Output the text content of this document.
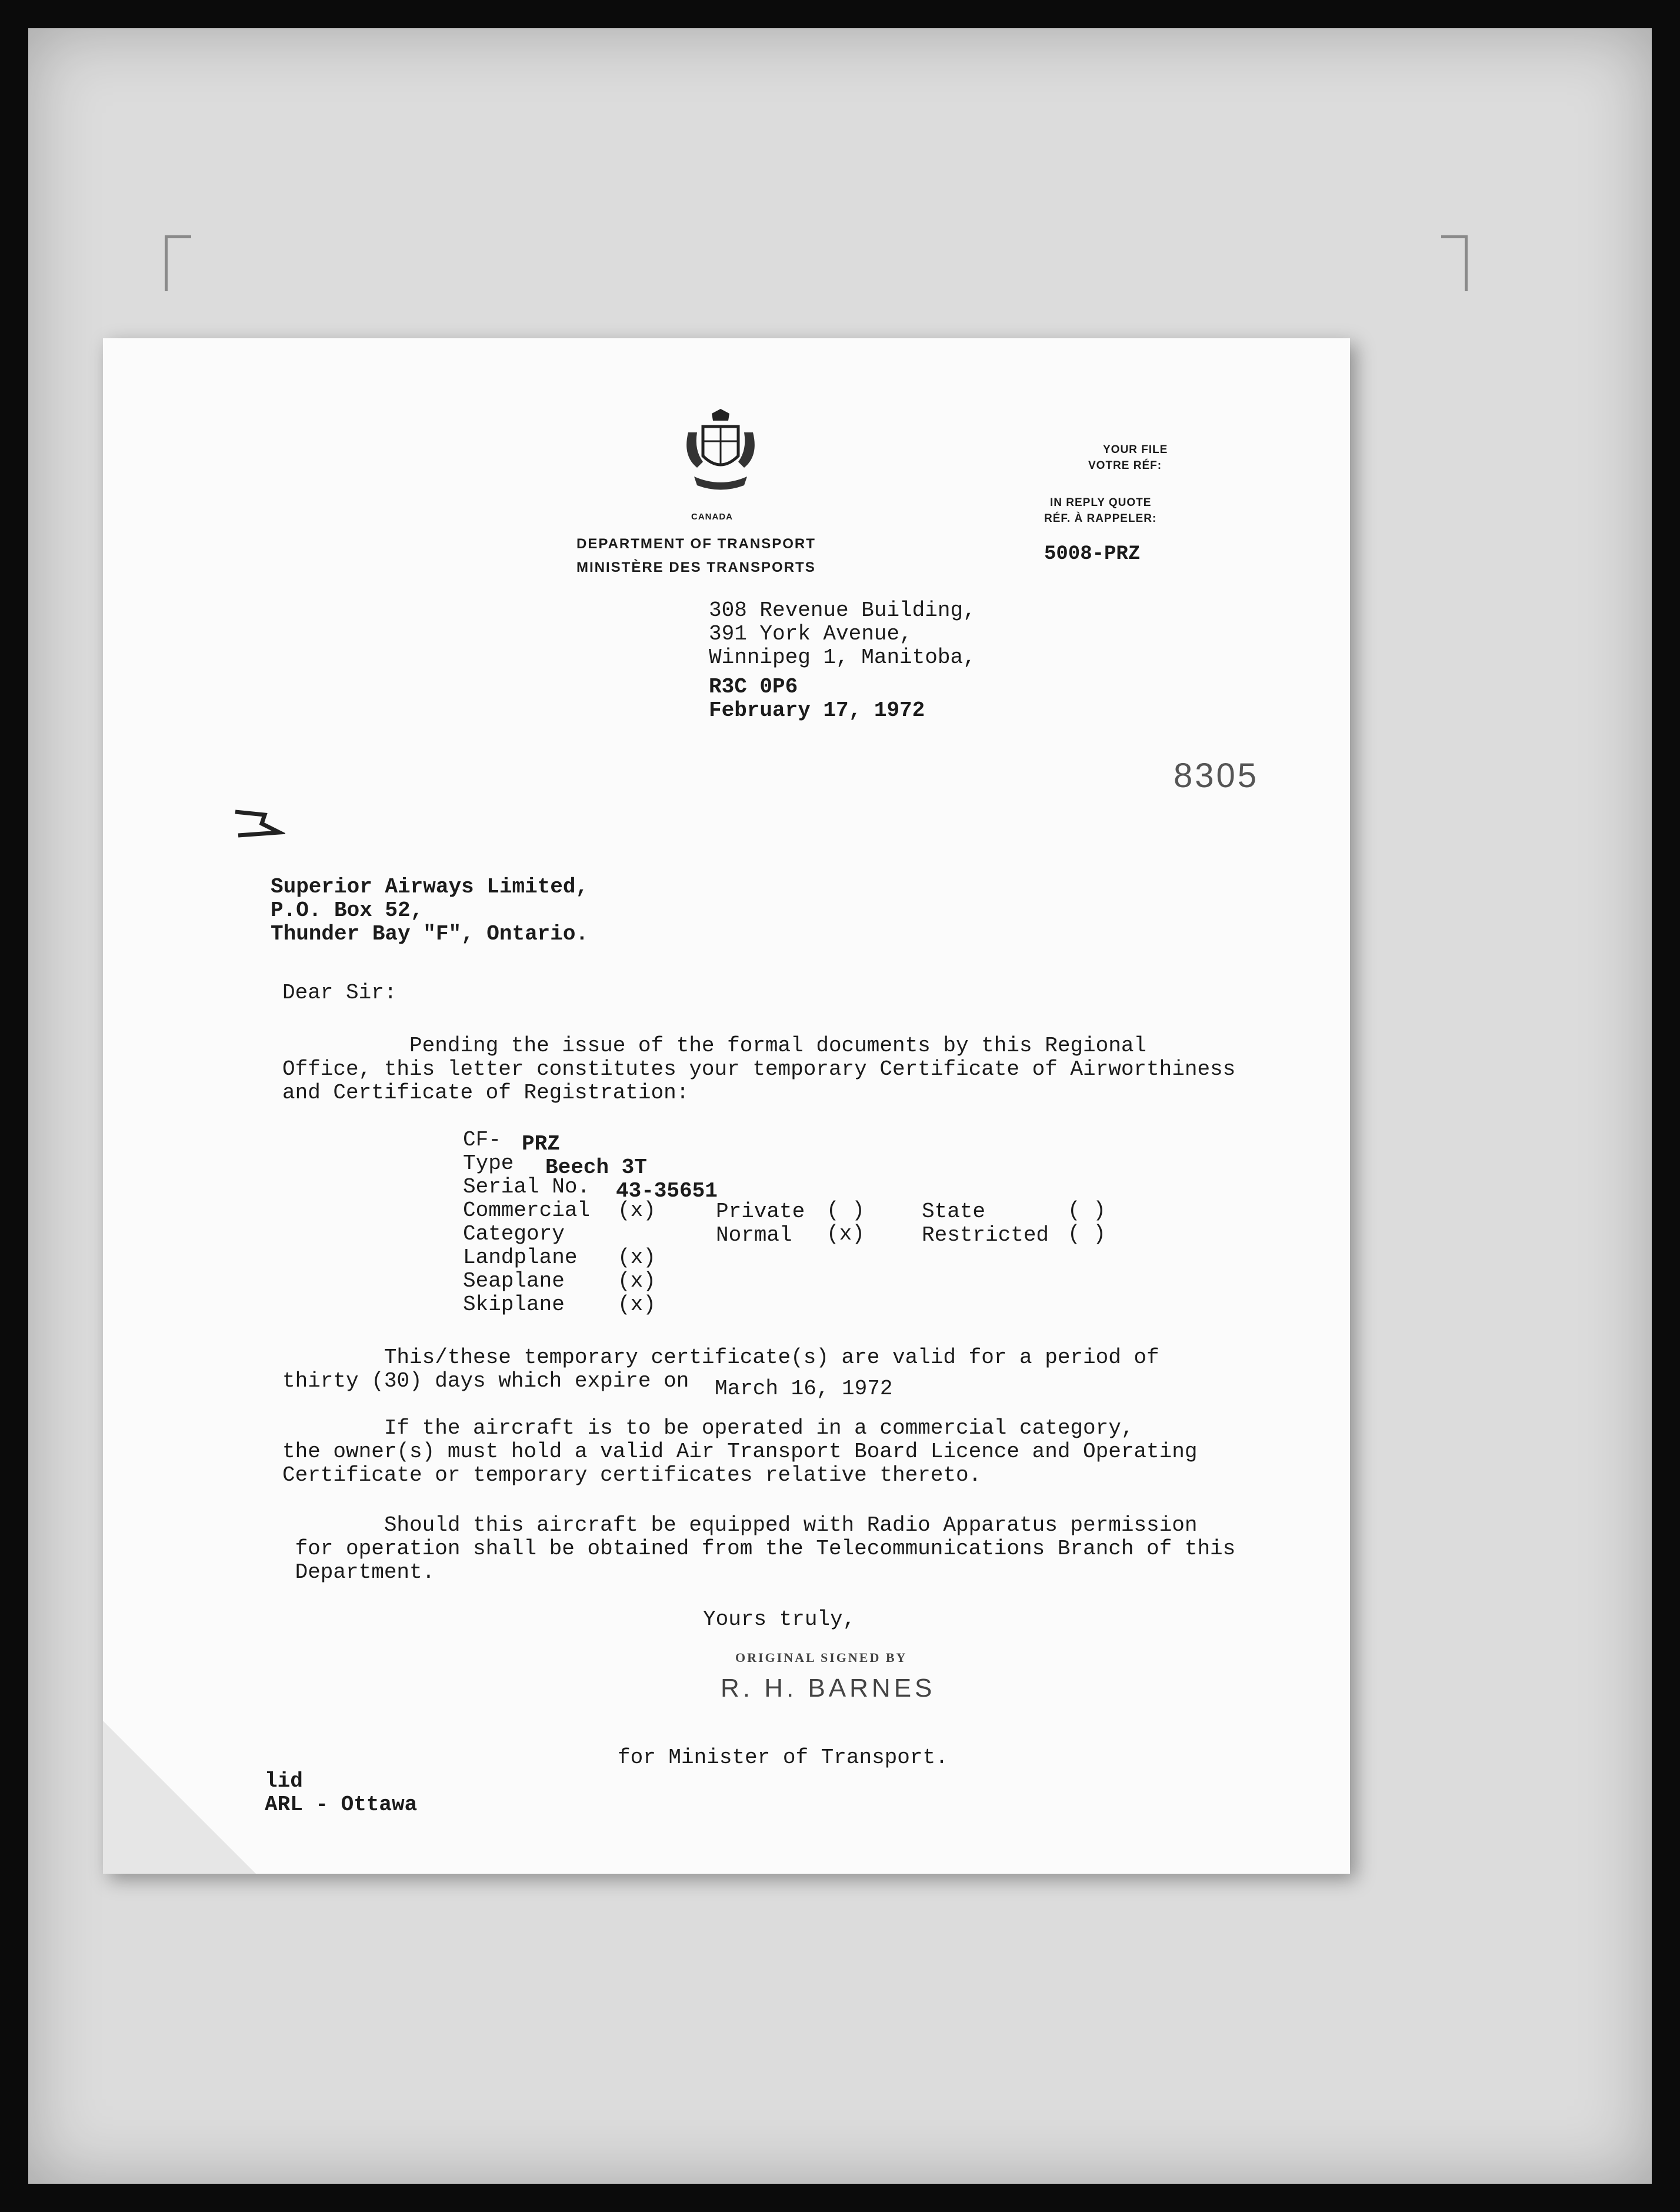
CANADA
DEPARTMENT OF TRANSPORT
MINISTÈRE DES TRANSPORTS
YOUR FILE
VOTRE RÉF:
IN REPLY QUOTE
RÉF. À RAPPELER:
5008-PRZ
308 Revenue Building,
391 York Avenue,
Winnipeg 1, Manitoba,
R3C 0P6
February 17, 1972
8305
Superior Airways Limited,
P.O. Box 52,
Thunder Bay "F", Ontario.
Dear Sir:
Pending the issue of the formal documents by this Regional
Office, this letter constitutes your temporary Certificate of Airworthiness
and Certificate of Registration:
CF- PRZ
Type Beech 3T
Serial No. 43-35651
Commercial (x)	Private ( )	State	( )
Category	Normal (x)	Restricted ( )
Landplane (x)
Seaplane	(x)
Skiplane	(x)
This/these temporary certificate(s) are valid for a period of
thirty (30) days which expire on March 16, 1972
If the aircraft is to be operated in a commercial category,
the owner(s) must hold a valid Air Transport Board Licence and Operating
Certificate or temporary certificates relative thereto.
Should this aircraft be equipped with Radio Apparatus permission
for operation shall be obtained from the Telecommunications Branch of this
Department.
Yours truly,
ORIGINAL SIGNED BY
R. H. BARNES
for Minister of Transport.
lid
ARL - Ottawa
